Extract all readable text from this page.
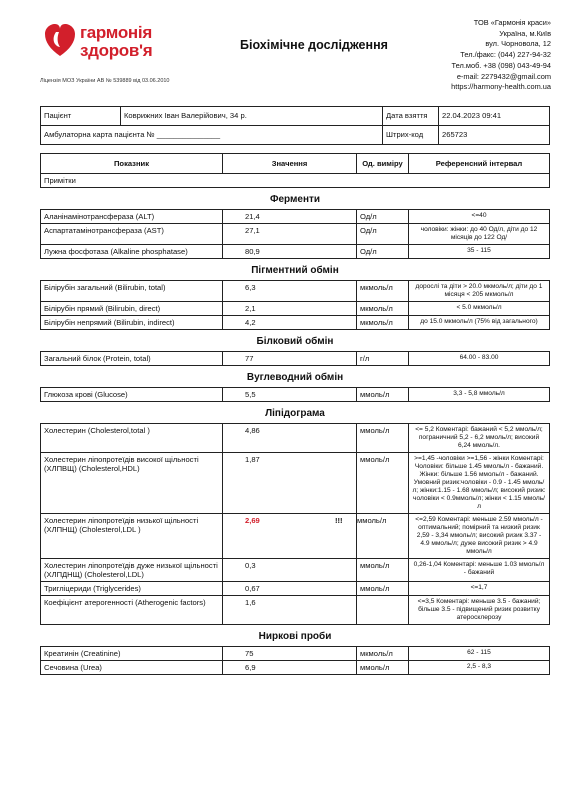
гармонія
здоров'я
Ліцензія МОЗ України АВ № 539889 від 03.06.2010
Біохімічне дослідження
ТОВ «Гармонія краси»
Україна, м.Київ
вул. Чорновола, 12
Тел./факс: (044) 227-94-32
Тел.моб. +38 (098) 043-49-94
e-mail: 2279432@gmail.com
https://harmony-health.com.ua
Пацієнт	Коврижних Іван Валерійович, 34 р.	Дата взяття	22.04.2023 09:41
Амбулаторна карта пацієнта № _______________		Штрих-код	265723
Показник	Значення	Од. виміру	Референсний інтервал
Примітки			
Ферменти			
Аланінамінотрансфераза (ALT)	21,4	Од/л	<=40
Аспартатамінотрансфераза (AST)	27,1	Од/л	чоловіки: жінки: до 40 Од/л, діти до 12 місяців до 122 Од/
Лужна фосфотаза (Alkaline phosphatase)	80,9	Од/л	35 - 115
Пігментний обмін			
Білірубін загальний (Bilirubin, total)	6,3	мкмоль/л	дорослі та діти > 20.0 мкмоль/л; діти до 1 місяця < 205 мкмоль/л
Білірубін прямий (Bilirubin, direct)	2,1	мкмоль/л	< 5.0 мкмоль/л
Білірубін непрямий (Bilirubin, indirect)	4,2	мкмоль/л	до 15.0 мкмоль/л (75% від загального)
Білковий обмін			
Загальний білок (Protein, total)	77	г/л	64.00 - 83.00
Вуглеводний обмін			
Глюкоза крові (Glucose)	5,5	ммоль/л	3,3 - 5,8 ммоль/л
Ліпідограма			
Холестерин (Cholesterol,total )	4,86	ммоль/л	<= 5,2 Коментарі: бажаний < 5,2 ммоль/л; пограничний 5,2 - 6,2 ммоль/л; високий 6,24 ммоль/л.
Холестерин ліпопротеїдів високої щільності (ХЛПВЩ) (Cholesterol,HDL)	1,87	ммоль/л	>=1,45 -чоловіки >=1,56 - жінки Коментарі: Чоловіки: більше 1.45 ммоль/л - бажаний. Жінки: більше 1.56 ммоль/л - бажаний. Умовний ризик:чоловіки - 0.9 - 1.45 ммоль/л; жінки:1.15 - 1.68 ммоль/л; високий ризик: чоловіки < 0.9ммоль/л; жінки < 1.15 ммоль/л
Холестерин ліпопротеїдів низької щільності (ХЛПНЩ) (Cholesterol,LDL )	2,69	!!! ммоль/л	<=2,59 Коментарі: меньше 2.59 ммоль/л - оптимальний; помірний та низкий ризик 2,59 - 3,34 ммоль/л; високий ризик 3.37 - 4.9 ммоль/л; дуже високий ризик > 4.9 ммоль/л
Холестерин ліпопротеїдів дуже низької щільності (ХЛПДНЩ) (Cholesterol,LDL)	0,3	ммоль/л	0,26-1,04 Коментарі: меньше 1.03 ммоль/л - бажаний
Тригліцериди (Triglycerides)	0,67	ммоль/л	<=1,7
Коефіцієнт атерогенності (Atherogenic factors)	1,6		<=3,5 Коментарі: меньше 3.5 - бажаний; більше 3.5 - підвищений ризик розвитку атеросклерозу
Ниркові проби			
Креатинін (Creatinine)	75	мкмоль/л	62 - 115
Сечовина (Urea)	6,9	ммоль/л	2,5 - 8,3
